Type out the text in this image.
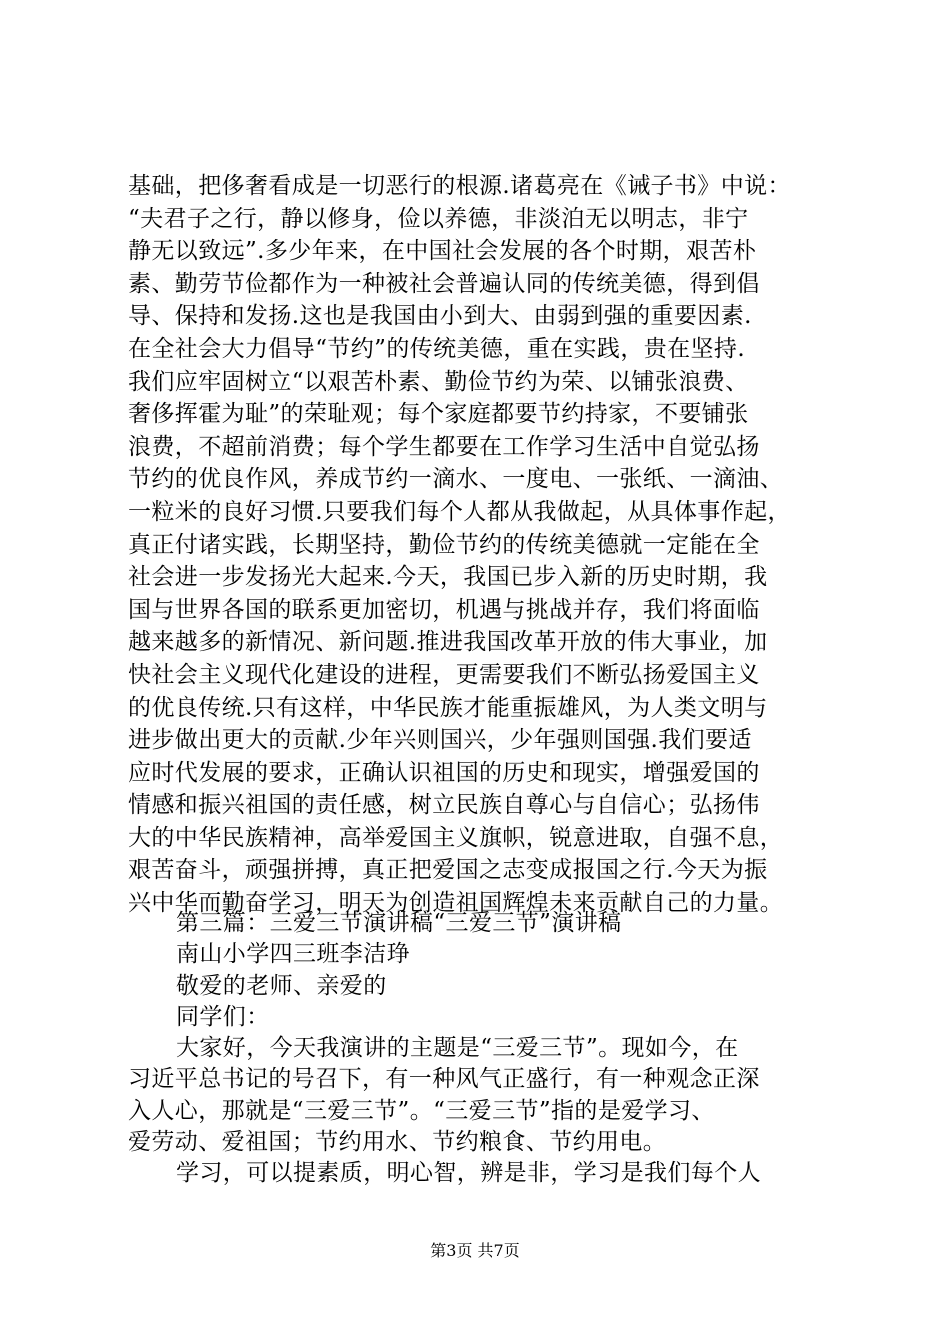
基础，把侈奢看成是一切恶行的根源.诸葛亮在《诫子书》中说：

“夫君子之行，静以修身，俭以养德，非淡泊无以明志，非宁

静无以致远”.多少年来，在中国社会发展的各个时期，艰苦朴

素、勤劳节俭都作为一种被社会普遍认同的传统美德，得到倡

导、保持和发扬.这也是我国由小到大、由弱到强的重要因素.

在全社会大力倡导“节约”的传统美德，重在实践，贵在坚持.

我们应牢固树立“以艰苦朴素、勤俭节约为荣、以铺张浪费、

奢侈挥霍为耻”的荣耻观；每个家庭都要节约持家，不要铺张

浪费，不超前消费；每个学生都要在工作学习生活中自觉弘扬

节约的优良作风，养成节约一滴水、一度电、一张纸、一滴油、

一粒米的良好习惯.只要我们每个人都从我做起，从具体事作起，

真正付诸实践，长期坚持，勤俭节约的传统美德就一定能在全

社会进一步发扬光大起来.今天，我国已步入新的历史时期，我

国与世界各国的联系更加密切，机遇与挑战并存，我们将面临

越来越多的新情况、新问题.推进我国改革开放的伟大事业，加

快社会主义现代化建设的进程，更需要我们不断弘扬爱国主义

的优良传统.只有这样，中华民族才能重振雄风，为人类文明与

进步做出更大的贡献.少年兴则国兴，少年强则国强.我们要适

应时代发展的要求，正确认识祖国的历史和现实，增强爱国的

情感和振兴祖国的责任感，树立民族自尊心与自信心；弘扬伟

大的中华民族精神，高举爱国主义旗帜，锐意进取，自强不息，

艰苦奋斗，顽强拼搏，真正把爱国之志变成报国之行.今天为振

兴中华而勤奋学习，明天为创造祖国辉煌未来贡献自己的力量。

第三篇：三爱三节演讲稿“三爱三节”演讲稿

南山小学四三班李洁琤

敬爱的老师、亲爱的

同学们：

大家好，今天我演讲的主题是“三爱三节”。现如今，在

习近平总书记的号召下，有一种风气正盛行，有一种观念正深

入人心，那就是“三爱三节”。“三爱三节”指的是爱学习、

爱劳动、爱祖国；节约用水、节约粮食、节约用电。

学习，可以提素质，明心智，辨是非，学习是我们每个人

第3页 共7页
